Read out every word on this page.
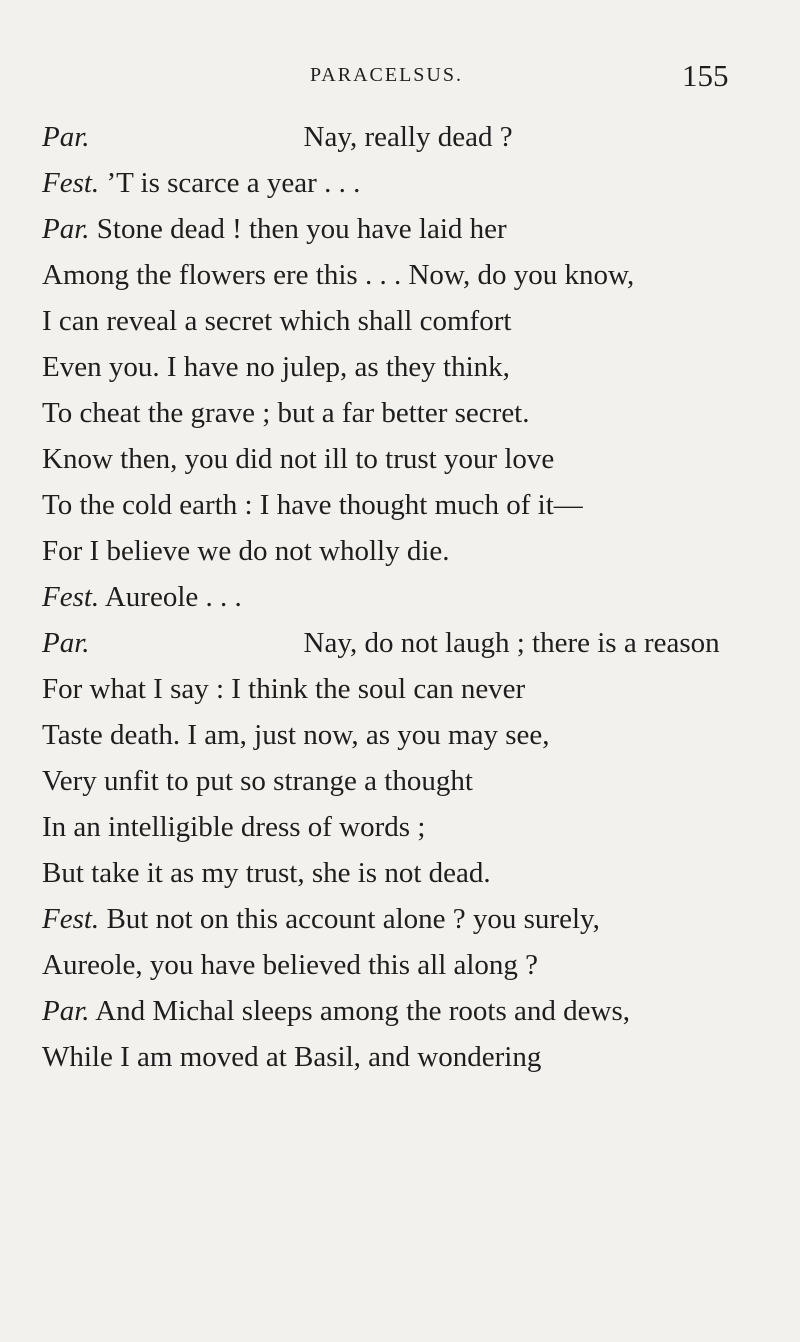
PARACELSUS.	155
Par.	Nay, really dead ?
Fest. ’T is scarce a year . . .
Par. Stone dead ! then you have laid her
Among the flowers ere this . . . Now, do you know,
I can reveal a secret which shall comfort
Even you. I have no julep, as they think,
To cheat the grave ; but a far better secret.
Know then, you did not ill to trust your love
To the cold earth : I have thought much of it—
For I believe we do not wholly die.
Fest. Aureole . . .
Par.	Nay, do not laugh ; there is a reason
For what I say : I think the soul can never
Taste death. I am, just now, as you may see,
Very unfit to put so strange a thought
In an intelligible dress of words ;
But take it as my trust, she is not dead.
Fest. But not on this account alone ? you surely,
Aureole, you have believed this all along ?
Par. And Michal sleeps among the roots and dews,
While I am moved at Basil, and wondering
